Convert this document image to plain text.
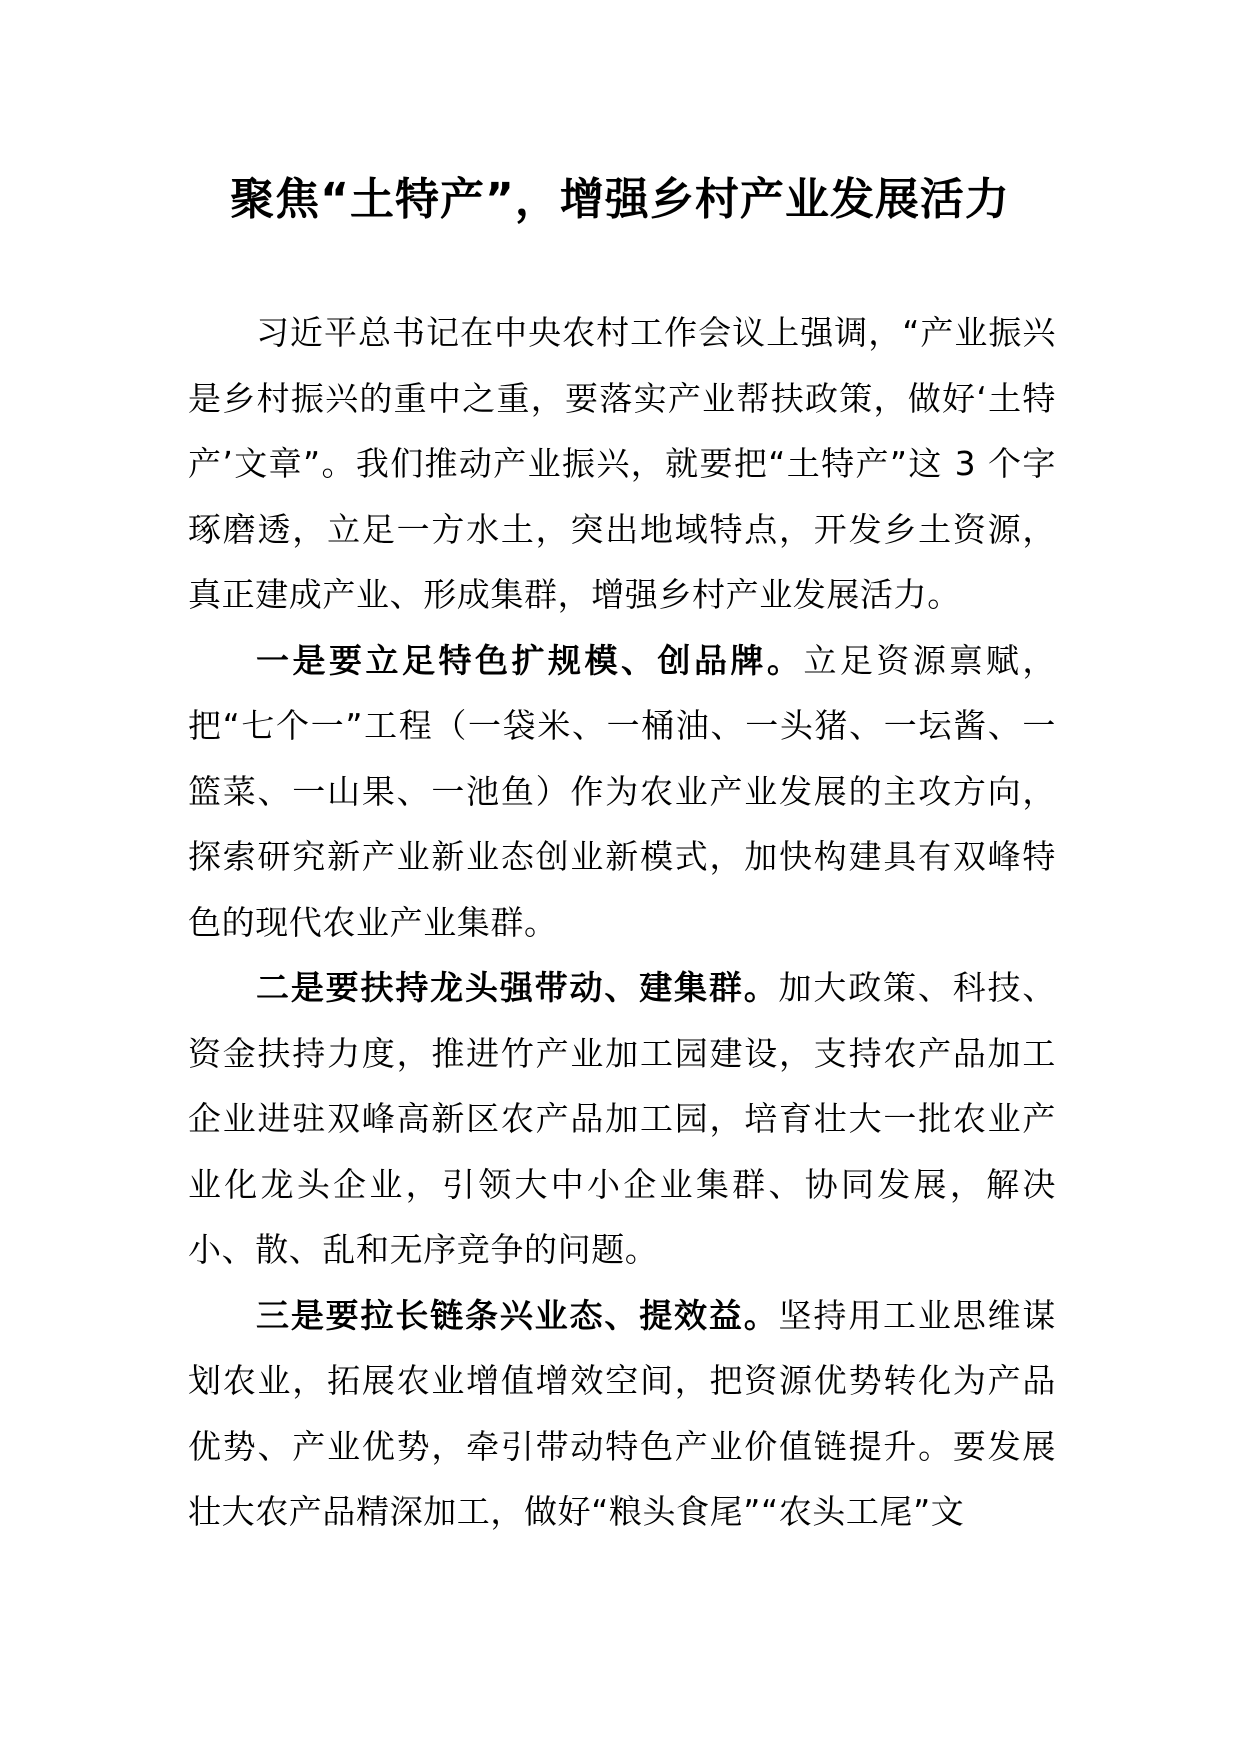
聚焦“土特产”，增强乡村产业发展活力

习近平总书记在中央农村工作会议上强调，“产业振兴是乡村振兴的重中之重，要落实产业帮扶政策，做好‘土特产’文章”。我们推动产业振兴，就要把“土特产”这 3 个字琢磨透，立足一方水土，突出地域特点，开发乡土资源，真正建成产业、形成集群，增强乡村产业发展活力。

一是要立足特色扩规模、创品牌。立足资源禀赋，把“七个一”工程（一袋米、一桶油、一头猪、一坛酱、一篮菜、一山果、一池鱼）作为农业产业发展的主攻方向，探索研究新产业新业态创业新模式，加快构建具有双峰特色的现代农业产业集群。

二是要扶持龙头强带动、建集群。加大政策、科技、资金扶持力度，推进竹产业加工园建设，支持农产品加工企业进驻双峰高新区农产品加工园，培育壮大一批农业产业化龙头企业，引领大中小企业集群、协同发展，解决小、散、乱和无序竞争的问题。

三是要拉长链条兴业态、提效益。坚持用工业思维谋划农业，拓展农业增值增效空间，把资源优势转化为产品优势、产业优势，牵引带动特色产业价值链提升。要发展壮大农产品精深加工，做好“粮头食尾”“农头工尾”文
